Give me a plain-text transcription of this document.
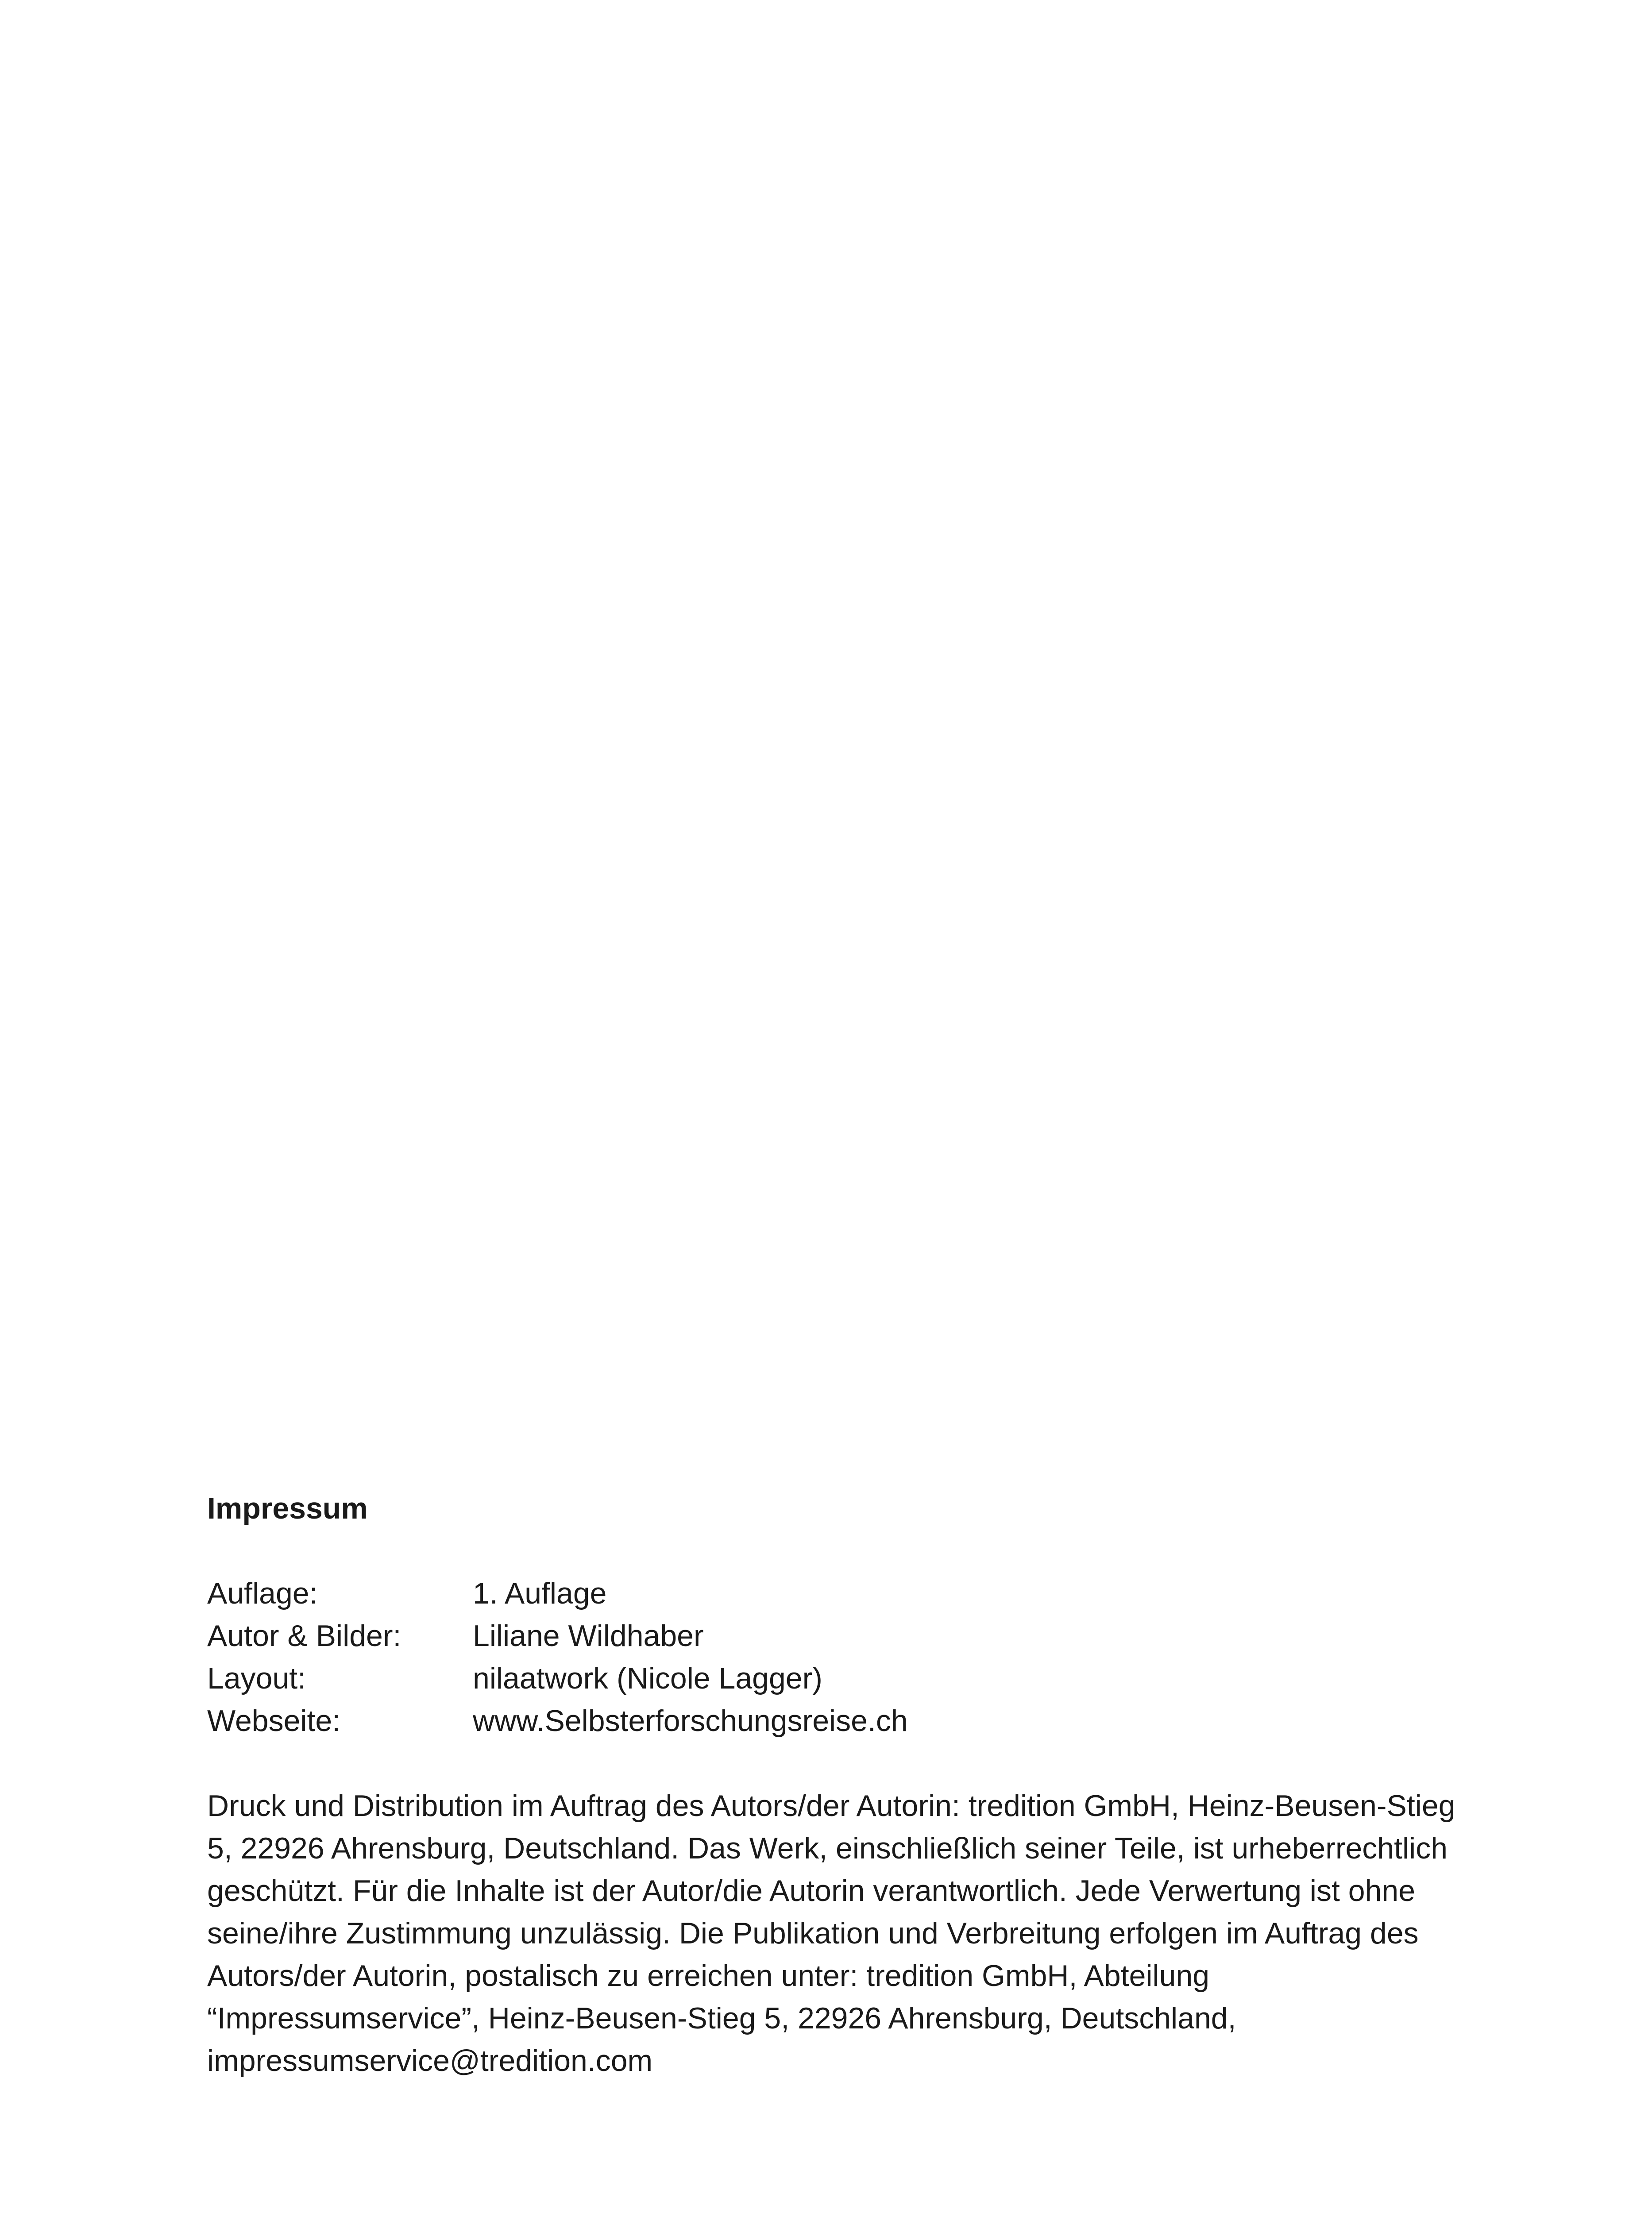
Impressum
Auflage:	1. Auflage
Autor & Bilder:	Liliane Wildhaber
Layout:	nilaatwork (Nicole Lagger)
Webseite:	www.Selbsterforschungsreise.ch

Druck und Distribution im Auftrag des Autors/der Autorin: tredition GmbH, Heinz-Beusen-Stieg 5, 22926 Ahrensburg, Deutschland. Das Werk, einschließlich seiner Teile, ist urheberrechtlich geschützt. Für die Inhalte ist der Autor/die Autorin verantwortlich. Jede Verwertung ist ohne seine/ihre Zustimmung unzulässig. Die Publikation und Verbreitung erfolgen im Auftrag des Autors/der Autorin, postalisch zu erreichen unter: tredition GmbH, Abteilung “Impressumservice”, Heinz-Beusen-Stieg 5, 22926 Ahrensburg, Deutschland, impressumservice@tredition.com
